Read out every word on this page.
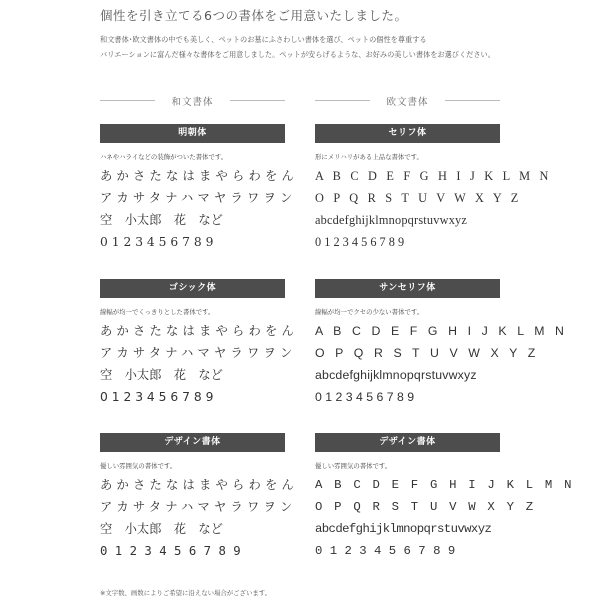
個性を引き立てる6つの書体をご用意いたしました。
和文書体･欧文書体の中でも美しく、ペットのお墓にふさわしい書体を選び、ペットの個性を尊重する
バリエーションに富んだ様々な書体をご用意しました。ペットが安らげるような、お好みの美しい書体をお選びください。
和文書体
明朝体
ハネやハライなどの装飾がついた書体です。
あかさたなはまやらわをん
アカサタナハマヤラワヲン
空　小太郎　花　など
0 1 2 3 4 5 6 7 8 9
ゴシック体
線幅が均一でくっきりとした書体です。
あかさたなはまやらわをん
アカサタナハマヤラワヲン
空　小太郎　花　など
0 1 2 3 4 5 6 7 8 9
デザイン書体
優しい雰囲気の書体です。
あかさたなはまやらわをん
アカサタナハマヤラワヲン
空　小太郎　花　など
0 1 2 3 4 5 6 7 8 9
欧文書体
セリフ体
形にメリハリがある上品な書体です。
A B C D E F G H I J K L M N
O P Q R S T U V W X Y Z
abcdefghijklmnopqrstuvwxyz
0 1 2 3 4 5 6 7 8 9
サンセリフ体
線幅が均一でクセの少ない書体です。
A B C D E F G H I J K L M N
O P Q R S T U V W X Y Z
abcdefghijklmnopqrstuvwxyz
0 1 2 3 4 5 6 7 8 9
デザイン書体
優しい雰囲気の書体です。
A B C D E F G H I J K L M N
O P Q R S T U V W X Y Z
abcdefghijklmnopqrstuvwxyz
0 1 2 3 4 5 6 7 8 9
※文字数、画数によりご希望に沿えない場合がございます。
